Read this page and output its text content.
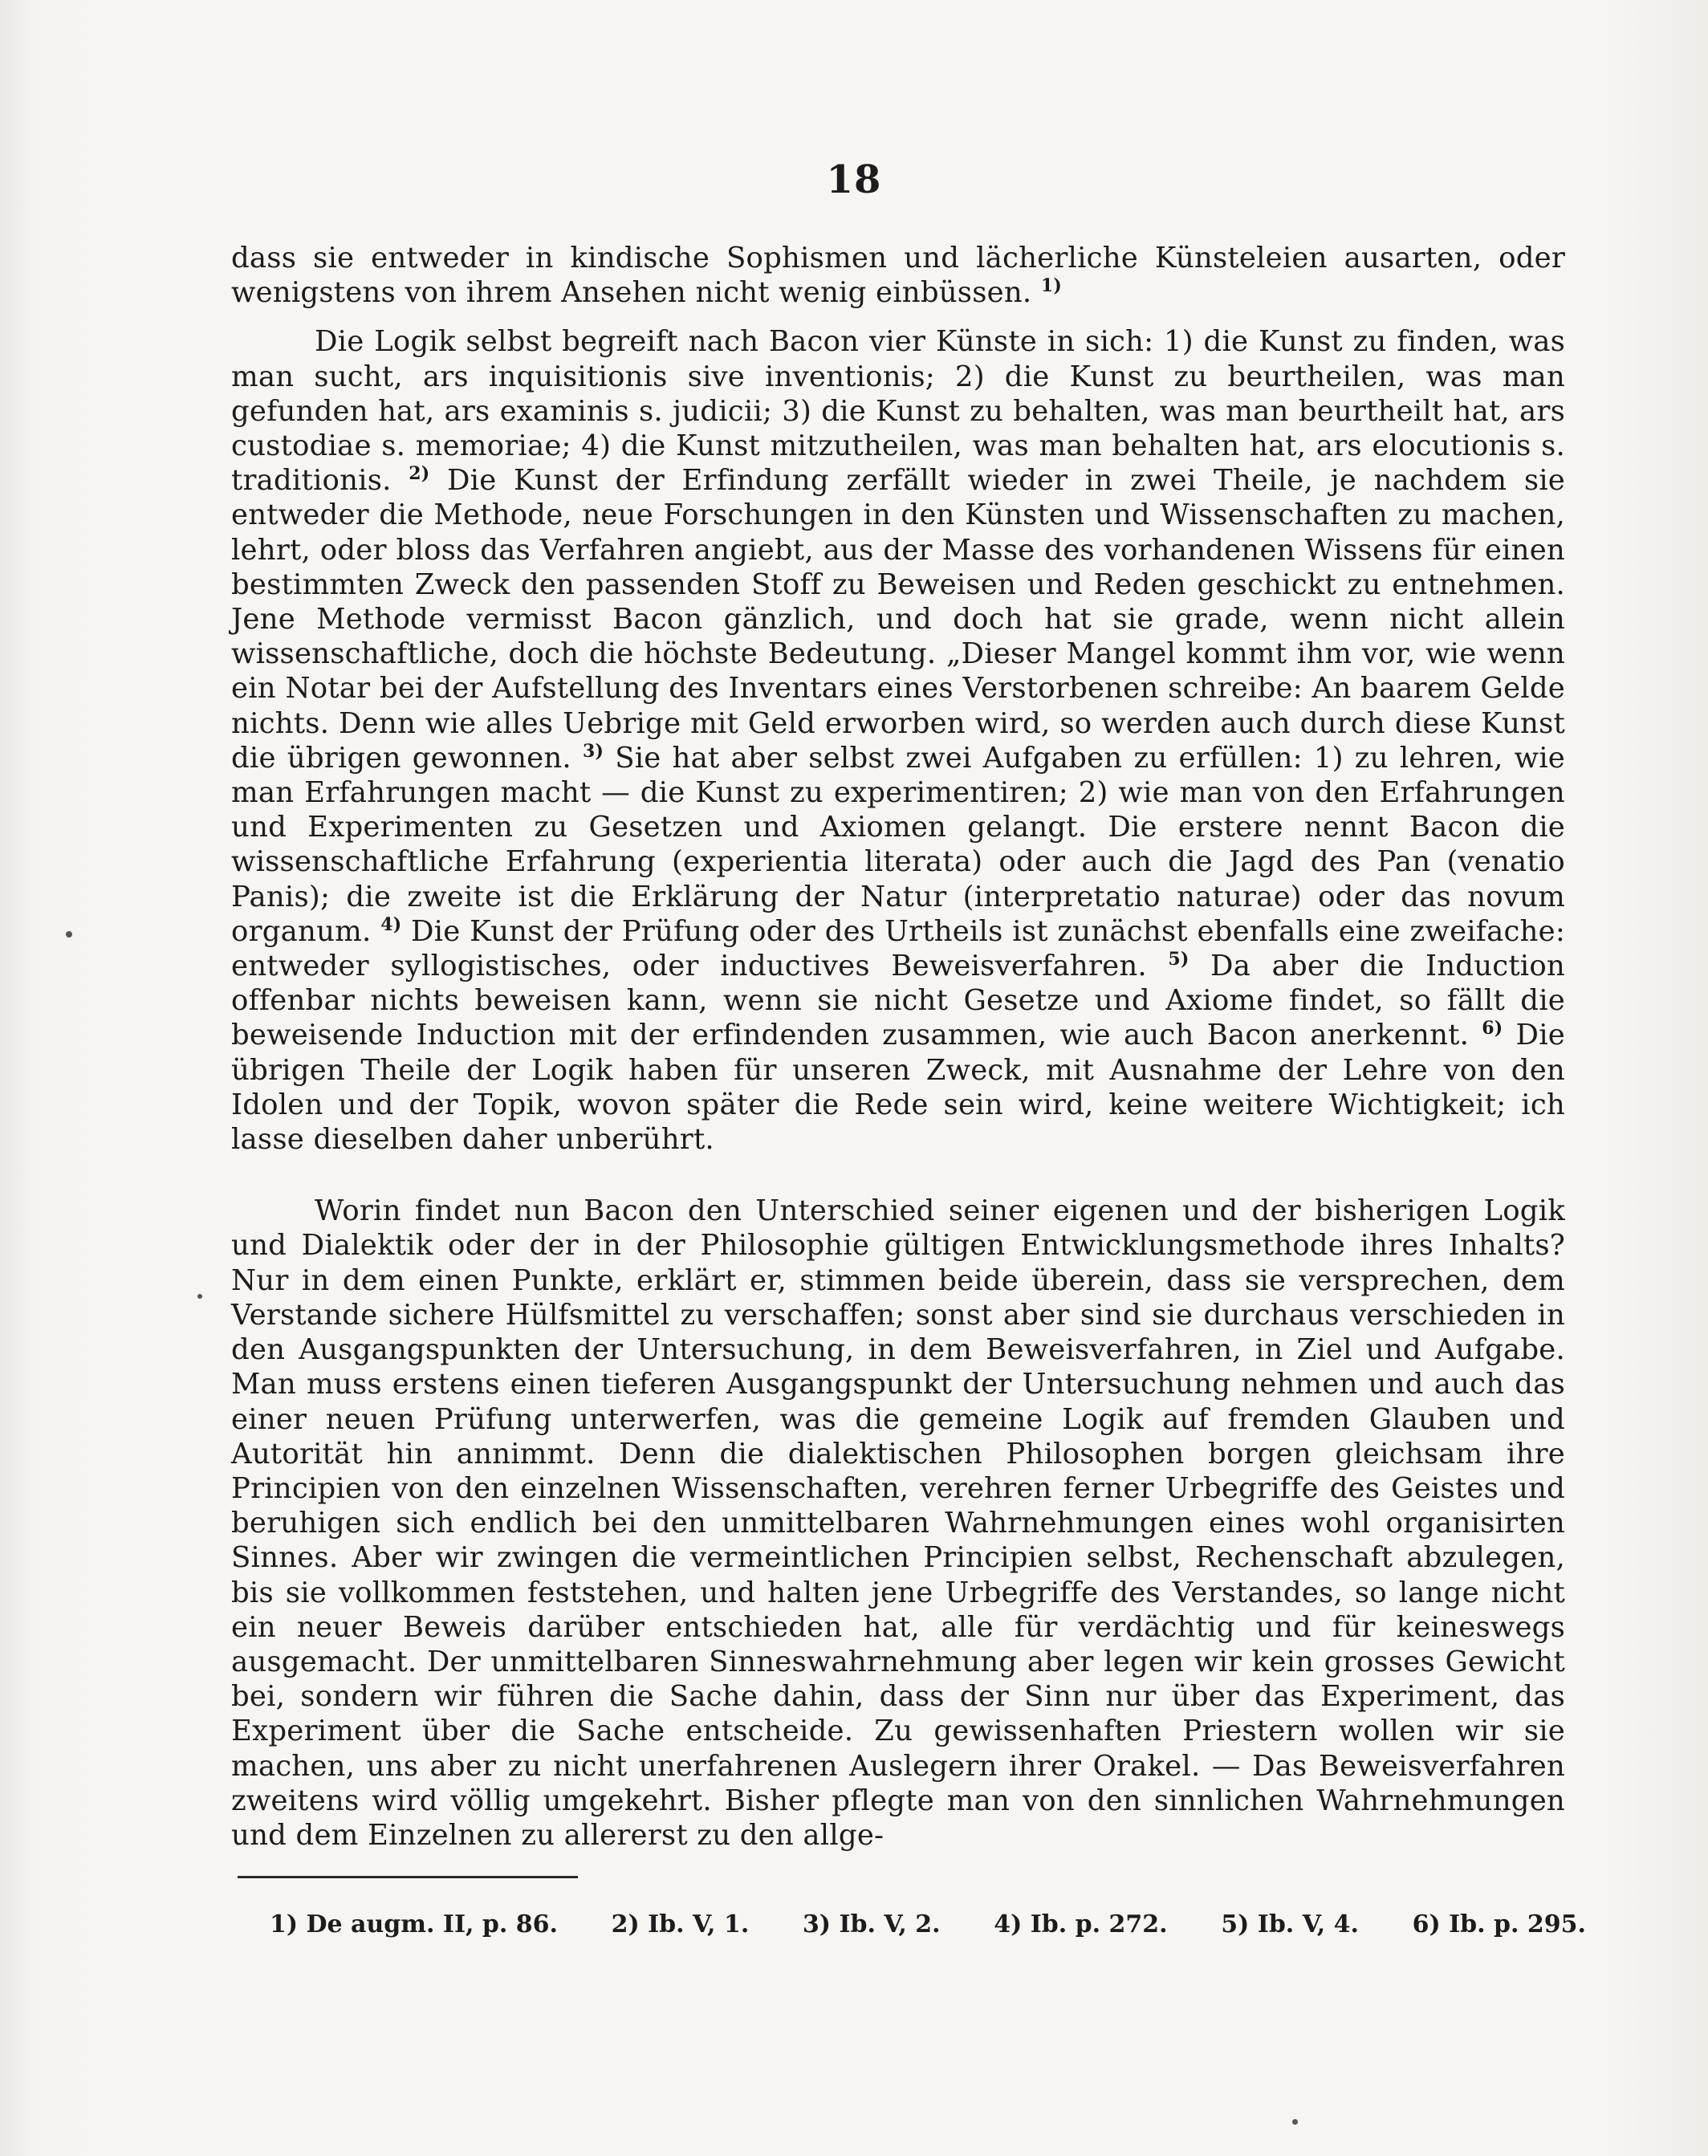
18

dass sie entweder in kindische Sophismen und lächerliche Künsteleien ausarten, oder wenigstens von ihrem Ansehen nicht wenig einbüssen. $^{1)}$

Die Logik selbst begreift nach Bacon vier Künste in sich: 1) die Kunst zu finden, was man sucht, ars inquisitionis sive inventionis; 2) die Kunst zu beurtheilen, was man gefunden hat, ars examinis s. judicii; 3) die Kunst zu behalten, was man beurtheilt hat, ars custodiae s. memoriae; 4) die Kunst mitzutheilen, was man behalten hat, ars elocutionis s. traditionis. $^{2)}$ Die Kunst der Erfindung zerfällt wieder in zwei Theile, je nachdem sie entweder die Methode, neue Forschungen in den Künsten und Wissenschaften zu machen, lehrt, oder bloss das Verfahren angiebt, aus der Masse des vorhandenen Wissens für einen bestimmten Zweck den passenden Stoff zu Beweisen und Reden geschickt zu entnehmen. Jene Methode vermisst Bacon gänzlich, und doch hat sie grade, wenn nicht allein wissenschaftliche, doch die höchste Bedeutung. „Dieser Mangel kommt ihm vor, wie wenn ein Notar bei der Aufstellung des Inventars eines Verstorbenen schreibe: An baarem Gelde nichts. Denn wie alles Uebrige mit Geld erworben wird, so werden auch durch diese Kunst die übrigen gewonnen. $^{3)}$ Sie hat aber selbst zwei Aufgaben zu erfüllen: 1) zu lehren, wie man Erfahrungen macht — die Kunst zu experimentiren; 2) wie man von den Erfahrungen und Experimenten zu Gesetzen und Axiomen gelangt. Die erstere nennt Bacon die wissenschaftliche Erfahrung (experientia literata) oder auch die Jagd des Pan (venatio Panis); die zweite ist die Erklärung der Natur (interpretatio naturae) oder das novum organum. $^{4)}$ Die Kunst der Prüfung oder des Urtheils ist zunächst ebenfalls eine zweifache: entweder syllogistisches, oder inductives Beweisverfahren. $^{5)}$ Da aber die Induction offenbar nichts beweisen kann, wenn sie nicht Gesetze und Axiome findet, so fällt die beweisende Induction mit der erfindenden zusammen, wie auch Bacon anerkennt. $^{6)}$ Die übrigen Theile der Logik haben für unseren Zweck, mit Ausnahme der Lehre von den Idolen und der Topik, wovon später die Rede sein wird, keine weitere Wichtigkeit; ich lasse dieselben daher unberührt.

Worin findet nun Bacon den Unterschied seiner eigenen und der bisherigen Logik und Dialektik oder der in der Philosophie gültigen Entwicklungsmethode ihres Inhalts? Nur in dem einen Punkte, erklärt er, stimmen beide überein, dass sie versprechen, dem Verstande sichere Hülfsmittel zu verschaffen; sonst aber sind sie durchaus verschieden in den Ausgangspunkten der Untersuchung, in dem Beweisverfahren, in Ziel und Aufgabe. Man muss erstens einen tieferen Ausgangspunkt der Untersuchung nehmen und auch das einer neuen Prüfung unterwerfen, was die gemeine Logik auf fremden Glauben und Autorität hin annimmt. Denn die dialektischen Philosophen borgen gleichsam ihre Principien von den einzelnen Wissenschaften, verehren ferner Urbegriffe des Geistes und beruhigen sich endlich bei den unmittelbaren Wahrnehmungen eines wohl organisirten Sinnes. Aber wir zwingen die vermeintlichen Principien selbst, Rechenschaft abzulegen, bis sie vollkommen feststehen, und halten jene Urbegriffe des Verstandes, so lange nicht ein neuer Beweis darüber entschieden hat, alle für verdächtig und für keineswegs ausgemacht. Der unmittelbaren Sinneswahrnehmung aber legen wir kein grosses Gewicht bei, sondern wir führen die Sache dahin, dass der Sinn nur über das Experiment, das Experiment über die Sache entscheide. Zu gewissenhaften Priestern wollen wir sie machen, uns aber zu nicht unerfahrenen Auslegern ihrer Orakel. — Das Beweisverfahren zweitens wird völlig umgekehrt. Bisher pflegte man von den sinnlichen Wahrnehmungen und dem Einzelnen zu allererst zu den allge-

1) De augm. II, p. 86. 2) Ib. V, 1. 3) Ib. V, 2. 4) Ib. p. 272. 5) Ib. V, 4. 6) Ib. p. 295.
